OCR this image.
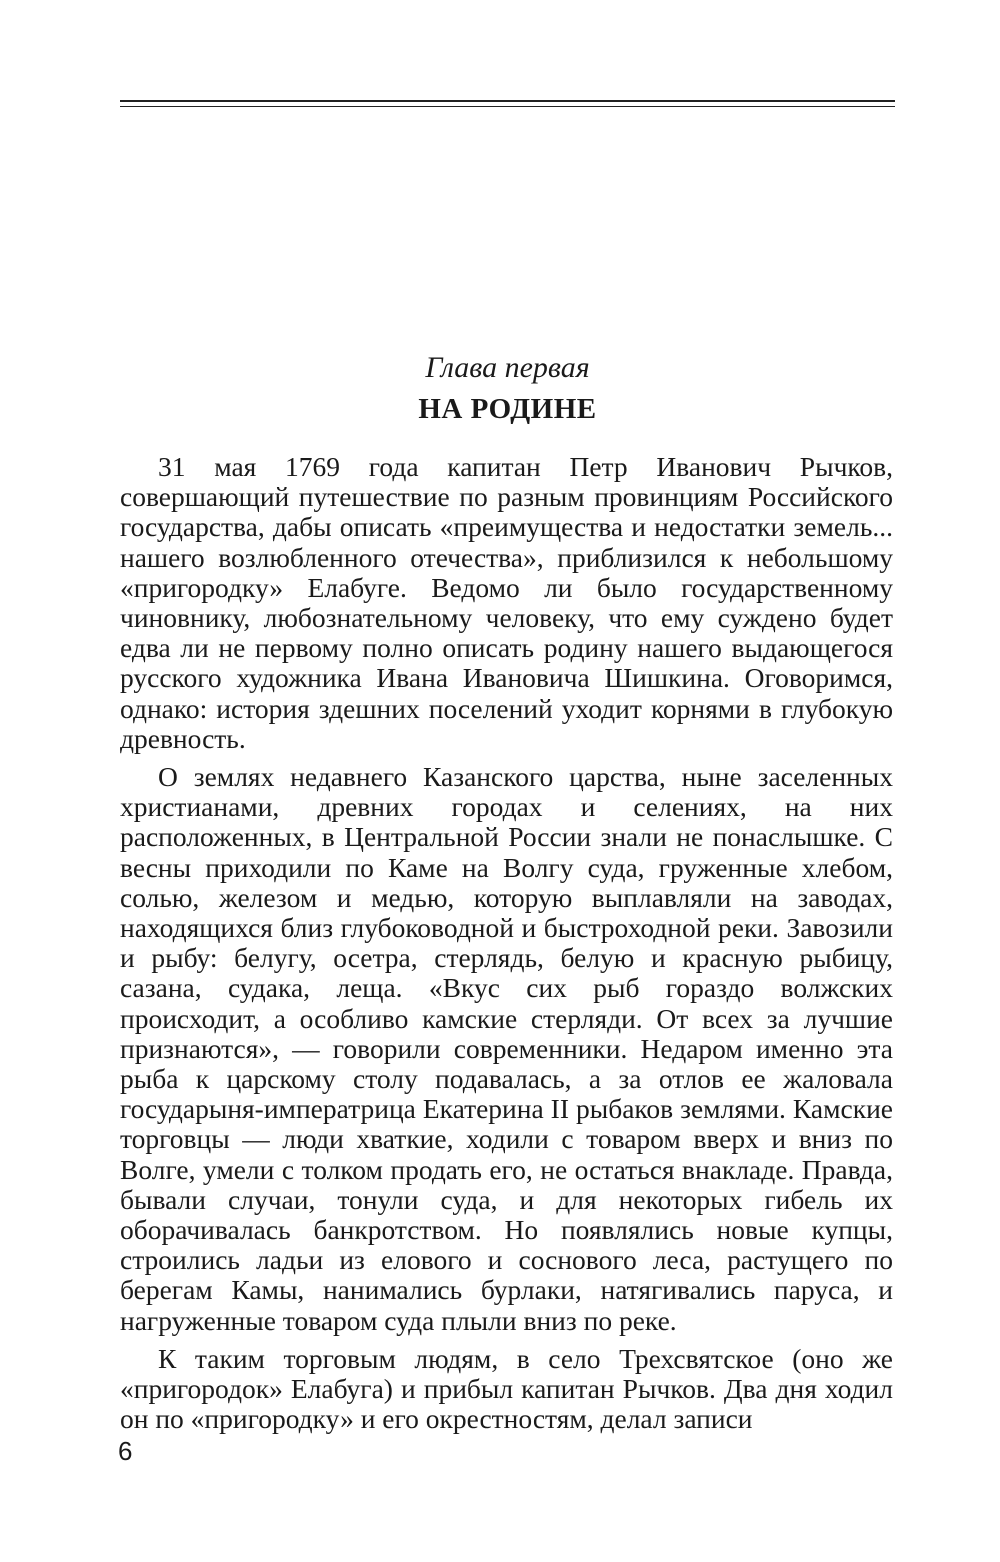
Глава первая
НА РОДИНЕ

31 мая 1769 года капитан Петр Иванович Рычков, совершающий путешествие по разным провинциям Российского государства, дабы описать «преимущества и недостатки земель... нашего возлюбленного отечества», приблизился к небольшому «пригородку» Елабуге. Ведомо ли было государственному чиновнику, любознательному человеку, что ему суждено будет едва ли не первому полно описать родину нашего выдающегося русского художника Ивана Ивановича Шишкина. Оговоримся, однако: история здешних поселений уходит корнями в глубокую древность.

О землях недавнего Казанского царства, ныне заселенных христианами, древних городах и селениях, на них расположенных, в Центральной России знали не понаслышке. С весны приходили по Каме на Волгу суда, груженные хлебом, солью, железом и медью, которую выплавляли на заводах, находящихся близ глубоководной и быстроходной реки. Завозили и рыбу: белугу, осетра, стерлядь, белую и красную рыбицу, сазана, судака, леща. «Вкус сих рыб гораздо волжских происходит, а особливо камские стерляди. От всех за лучшие признаются», — говорили современники. Недаром именно эта рыба к царскому столу подавалась, а за отлов ее жаловала государыня-императрица Екатерина II рыбаков землями. Камские торговцы — люди хваткие, ходили с товаром вверх и вниз по Волге, умели с толком продать его, не остаться внакладе. Правда, бывали случаи, тонули суда, и для некоторых гибель их оборачивалась банкротством. Но появлялись новые купцы, строились ладьи из елового и соснового леса, растущего по берегам Камы, нанимались бурлаки, натягивались паруса, и нагруженные товаром суда плыли вниз по реке.

К таким торговым людям, в село Трехсвятское (оно же «пригородок» Елабуга) и прибыл капитан Рычков. Два дня ходил он по «пригородку» и его окрестностям, делал записи

6
